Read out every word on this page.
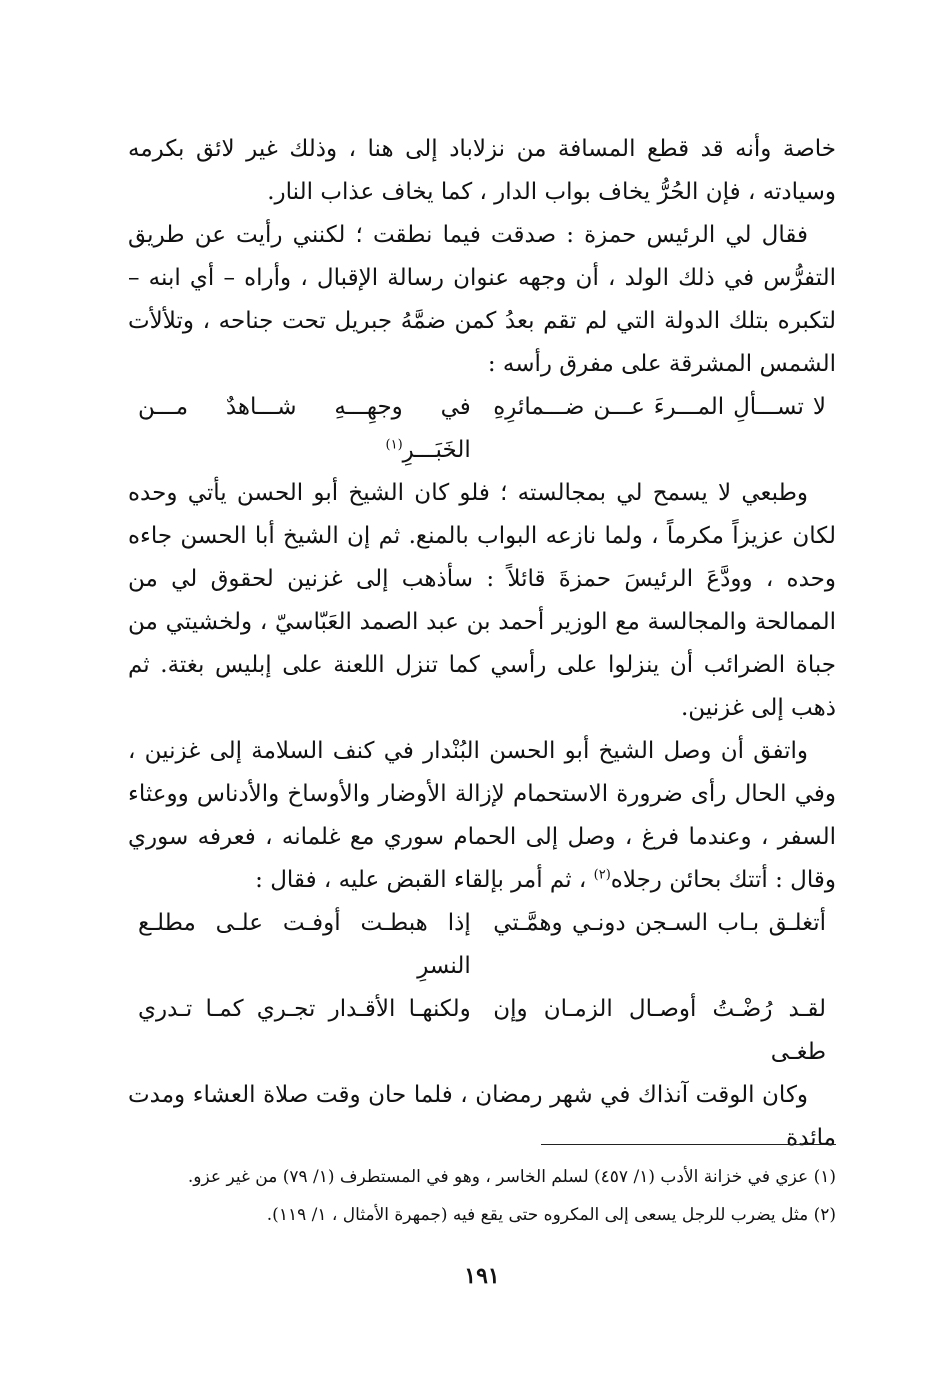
خاصة وأنه قد قطع المسافة من نزلاباد إلى هنا ، وذلك غير لائق بكرمه وسيادته ، فإن الحُرُّ يخاف بواب الدار ، كما يخاف عذاب النار.

فقال لي الرئيس حمزة : صدقت فيما نطقت ؛ لكنني رأيت عن طريق التفرُّس في ذلك الولد ، أن وجهه عنوان رسالة الإقبال ، وأراه – أي ابنه – لتكبره بتلك الدولة التي لم تقم بعدُ كمن ضمَّهُ جبريل تحت جناحه ، وتلألأت الشمس المشرقة على مفرق رأسه :

لا تســـألِ المـــرءَ عـــن ضـــمائرِهِ
في وجهِـــهِ شـــاهدٌ مـــن الخَبَـــرِ$^{(١)}$

وطبعي لا يسمح لي بمجالسته ؛ فلو كان الشيخ أبو الحسن يأتي وحده لكان عزيزاً مكرماً ، ولما نازعه البواب بالمنع. ثم إن الشيخ أبا الحسن جاءه وحده ، وودَّعَ الرئيسَ حمزةَ قائلاً : سأذهب إلى غزنين لحقوق لي من الممالحة والمجالسة مع الوزير أحمد بن عبد الصمد العَبّاسيّ ، ولخشيتي من جباة الضرائب أن ينزلوا على رأسي كما تنزل اللعنة على إبليس بغتة. ثم ذهب إلى غزنين.

واتفق أن وصل الشيخ أبو الحسن البُنْدار في كنف السلامة إلى غزنين ، وفي الحال رأى ضرورة الاستحمام لإزالة الأوضار والأوساخ والأدناس ووعثاء السفر ، وعندما فرغ ، وصل إلى الحمام سوري مع غلمانه ، فعرفه سوري وقال : أتتك بحائن رجلاه$^{(٢)}$ ، ثم أمر بإلقاء القبض عليه ، فقال :

أتغلـق بـاب السـجن دونـي وهمَّـتي
إذا هبطـت أوفـت علـى مطلـع النسرِ
لقـد رُضْـتُ أوصـال الزمـان وإن طغـى
ولكنهـا الأقـدار تجـري كمـا تـدري

وكان الوقت آنذاك في شهر رمضان ، فلما حان وقت صلاة العشاء ومدت مائدة

(١) عزي في خزانة الأدب (١/ ٤٥٧) لسلم الخاسر ، وهو في المستطرف (١/ ٧٩) من غير عزو.

(٢) مثل يضرب للرجل يسعى إلى المكروه حتى يقع فيه (جمهرة الأمثال ، ١/ ١١٩).

١٩١
